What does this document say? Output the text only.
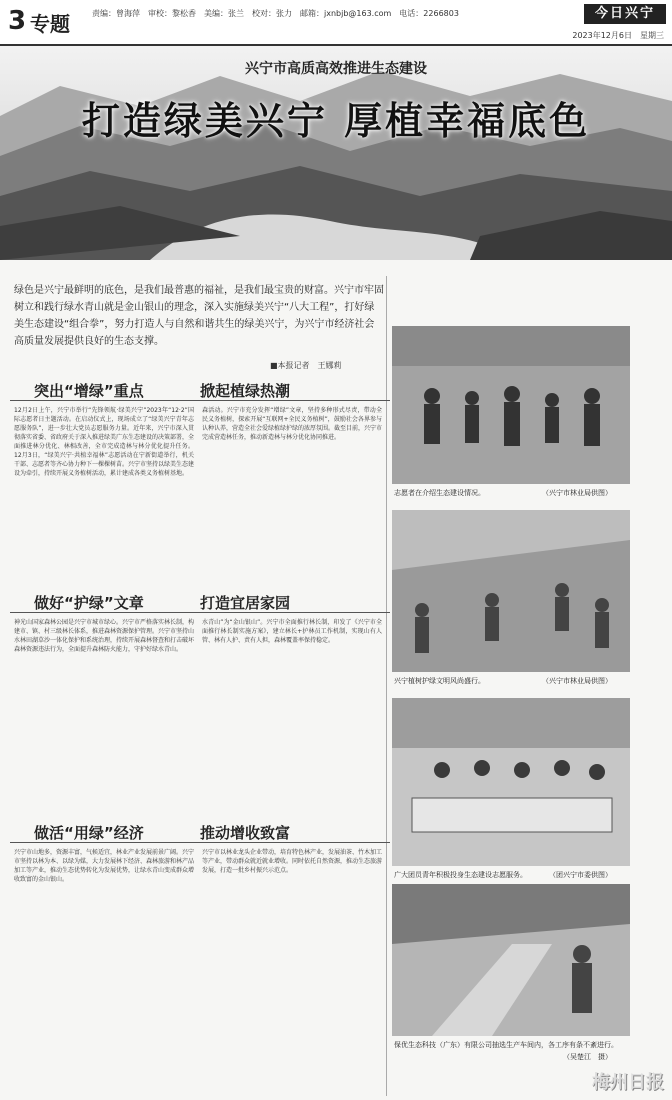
3 专题	责编：曾海萍　审校：黎松香　美编：张兰　校对：张力　邮箱：jxnbjb@163.com　电话：2266803	今日兴宁
2023年12月6日　星期三
兴宁市高质高效推进生态建设
打造绿美兴宁 厚植幸福底色
绿色是兴宁最鲜明的底色，是我们最普惠的福祉，是我们最宝贵的财富。兴宁市牢固树立和践行绿水青山就是金山银山的理念，深入实施绿美兴宁“八大工程”，打好绿美生态建设“组合拳”，努力打造人与自然和谐共生的绿美兴宁，为兴宁市经济社会高质量发展提供良好的生态支撑。
■本报记者　王娜莉
突出“增绿”重点	掀起植绿热潮
12月2日上午，兴宁市举行“先锋领航·绿美兴宁”2023年“12·2”国际志愿者日主题活动。在启动仪式上，现场成立了“绿美兴宁青年志愿服务队”，进一步壮大党员志愿服务力量。近年来，兴宁市深入贯彻落实省委、省政府关于深入推进绿美广东生态建设的决策部署，全面推进林分优化、林相改善，全市完成造林与林分优化提升任务。12月3日，“绿美兴宁·共植幸福林”志愿活动在宁新街道举行，机关干部、志愿者等齐心协力种下一棵棵树苗。兴宁市坚持以绿美生态建设为牵引，持续开展义务植树活动，累计建成各类义务植树基地。
森活动。兴宁市充分发挥“增绿”文章，坚持多种形式尽责，带动全民义务植树，探索开展“互联网+全民义务植树”，鼓励社会各界参与认种认养，营造全社会爱绿植绿护绿的浓厚氛围。截至目前，兴宁市完成营造林任务，推动新造林与林分优化协同推进。
做好“护绿”文章	打造宜居家园
神光山国家森林公园是兴宁市城市绿心。兴宁市严格落实林长制，构建市、镇、村三级林长体系，推进森林资源保护管理。兴宁市坚持山水林田湖草沙一体化保护和系统治理，持续开展森林督查和打击破坏森林资源违法行为，全面提升森林防火能力，守护好绿水青山。
水青山”为“金山银山”。兴宁市全面推行林长制，印发了《兴宁市全面推行林长制实施方案》，建立林长+护林员工作机制，实现山有人管、林有人护、责有人担，森林覆盖率保持稳定。
做活“用绿”经济	推动增收致富
兴宁市山地多，资源丰富，气候适宜，林业产业发展前景广阔。兴宁市坚持以林为本、以绿为媒，大力发展林下经济、森林旅游和林产品加工等产业，推动生态优势转化为发展优势，让绿水青山变成群众增收致富的金山银山。
兴宁市以林业龙头企业带动，培育特色林产业，发展油茶、竹木加工等产业，带动群众就近就业增收。同时依托自然资源，推动生态旅游发展，打造一批乡村振兴示范点。
志愿者在介绍生态建设情况。	（兴宁市林业局供图）
兴宁植树护绿文明风尚盛行。	（兴宁市林业局供图）
广大团员青年积极投身生态建设志愿服务。	（团兴宁市委供图）
保优生态科技（广东）有限公司抽选生产车间内，各工序有条不紊进行。
（吴楚江　摄）
梅州日报
